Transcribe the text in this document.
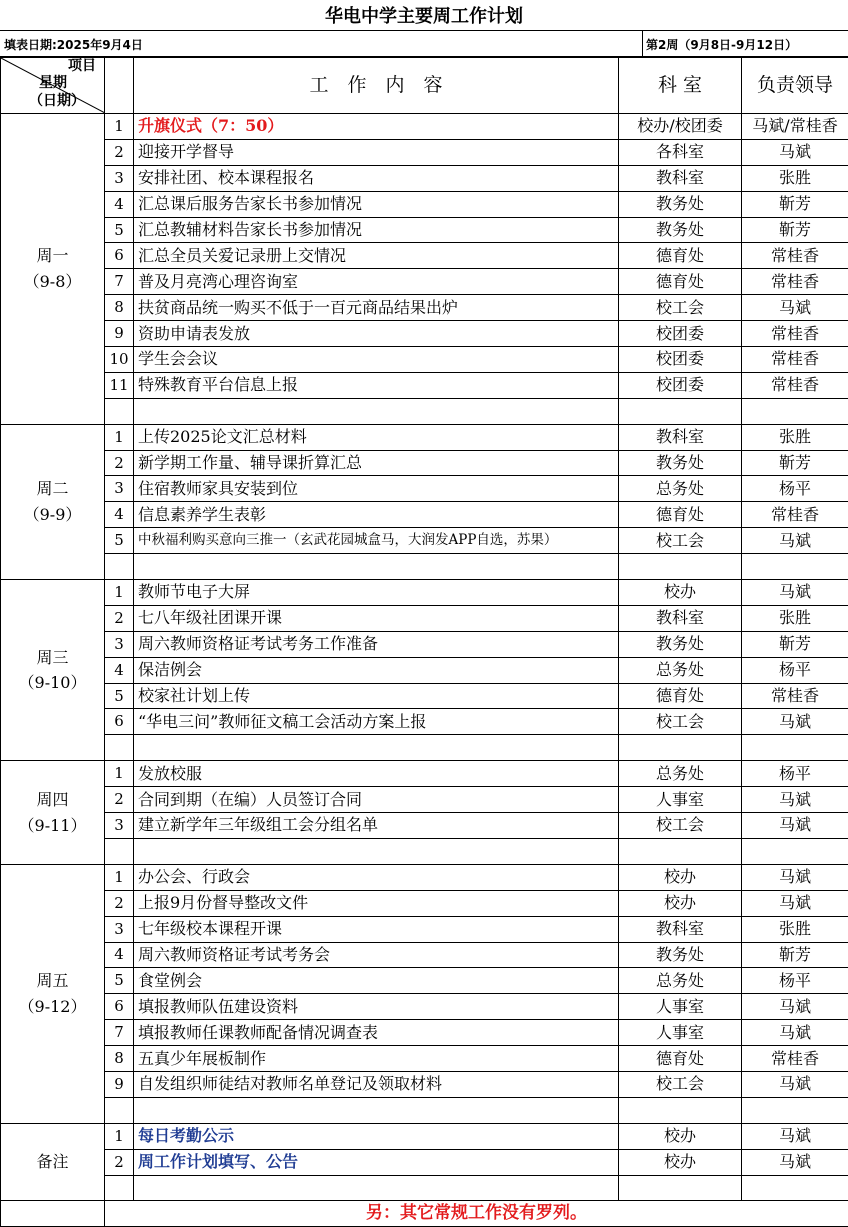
华电中学主要周工作计划
填表日期:2025年9月4日	第2周（9月8日-9月12日）
项目
星期
（日期）		工　作　内　容	科 室	负责领导

周一
（9-8）	1	升旗仪式（7：50）	校办/校团委	马斌/常桂香
	2	迎接开学督导	各科室	马斌
	3	安排社团、校本课程报名	教科室	张胜
	4	汇总课后服务告家长书参加情况	教务处	靳芳
	5	汇总教辅材料告家长书参加情况	教务处	靳芳
	6	汇总全员关爱记录册上交情况	德育处	常桂香
	7	普及月亮湾心理咨询室	德育处	常桂香
	8	扶贫商品统一购买不低于一百元商品结果出炉	校工会	马斌
	9	资助申请表发放	校团委	常桂香
	10	学生会会议	校团委	常桂香
	11	特殊教育平台信息上报	校团委	常桂香

周二
（9-9）	1	上传2025论文汇总材料	教科室	张胜
	2	新学期工作量、辅导课折算汇总	教务处	靳芳
	3	住宿教师家具安装到位	总务处	杨平
	4	信息素养学生表彰	德育处	常桂香
	5	中秋福利购买意向三推一（玄武花园城盒马，大润发APP自选，苏果）	校工会	马斌

周三
（9-10）	1	教师节电子大屏	校办	马斌
	2	七八年级社团课开课	教科室	张胜
	3	周六教师资格证考试考务工作准备	教务处	靳芳
	4	保洁例会	总务处	杨平
	5	校家社计划上传	德育处	常桂香
	6	“华电三问”教师征文稿工会活动方案上报	校工会	马斌

周四
（9-11）	1	发放校服	总务处	杨平
	2	合同到期（在编）人员签订合同	人事室	马斌
	3	建立新学年三年级组工会分组名单	校工会	马斌

周五
（9-12）	1	办公会、行政会	校办	马斌
	2	上报9月份督导整改文件	校办	马斌
	3	七年级校本课程开课	教科室	张胜
	4	周六教师资格证考试考务会	教务处	靳芳
	5	食堂例会	总务处	杨平
	6	填报教师队伍建设资料	人事室	马斌
	7	填报教师任课教师配备情况调查表	人事室	马斌
	8	五真少年展板制作	德育处	常桂香
	9	自发组织师徒结对教师名单登记及领取材料	校工会	马斌

备注	1	每日考勤公示	校办	马斌
	2	周工作计划填写、公告	校办	马斌

	另：其它常规工作没有罗列。			
